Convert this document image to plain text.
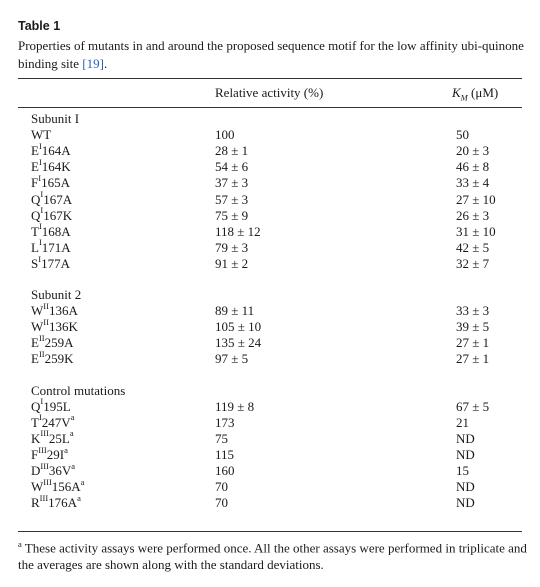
Table 1
Properties of mutants in and around the proposed sequence motif for the low affinity ubi-quinone binding site [19].
Relative activity (%)	$K_M$ (μM)
Subunit I
WT	100	50
$E^I164A$	28 ± 1	20 ± 3
$E^I164K$	54 ± 6	46 ± 8
$F^I165A$	37 ± 3	33 ± 4
$Q^I167A$	57 ± 3	27 ± 10
$Q^I167K$	75 ± 9	26 ± 3
$T^I168A$	118 ± 12	31 ± 10
$L^I171A$	79 ± 3	42 ± 5
$S^I177A$	91 ± 2	32 ± 7
Subunit 2
$W^{II}136A$	89 ± 11	33 ± 3
$W^{II}136K$	105 ± 10	39 ± 5
$E^{II}259A$	135 ± 24	27 ± 1
$E^{II}259K$	97 ± 5	27 ± 1
Control mutations
$Q^I195L$	119 ± 8	67 ± 5
$T^I247V^a$	173	21
$K^{III}25L^a$	75	ND
$F^{III}29I^a$	115	ND
$D^{III}36V^a$	160	15
$W^{III}156A^a$	70	ND
$R^{III}176A^a$	70	ND
$^a$ These activity assays were performed once. All the other assays were performed in triplicate and the averages are shown along with the standard deviations.
